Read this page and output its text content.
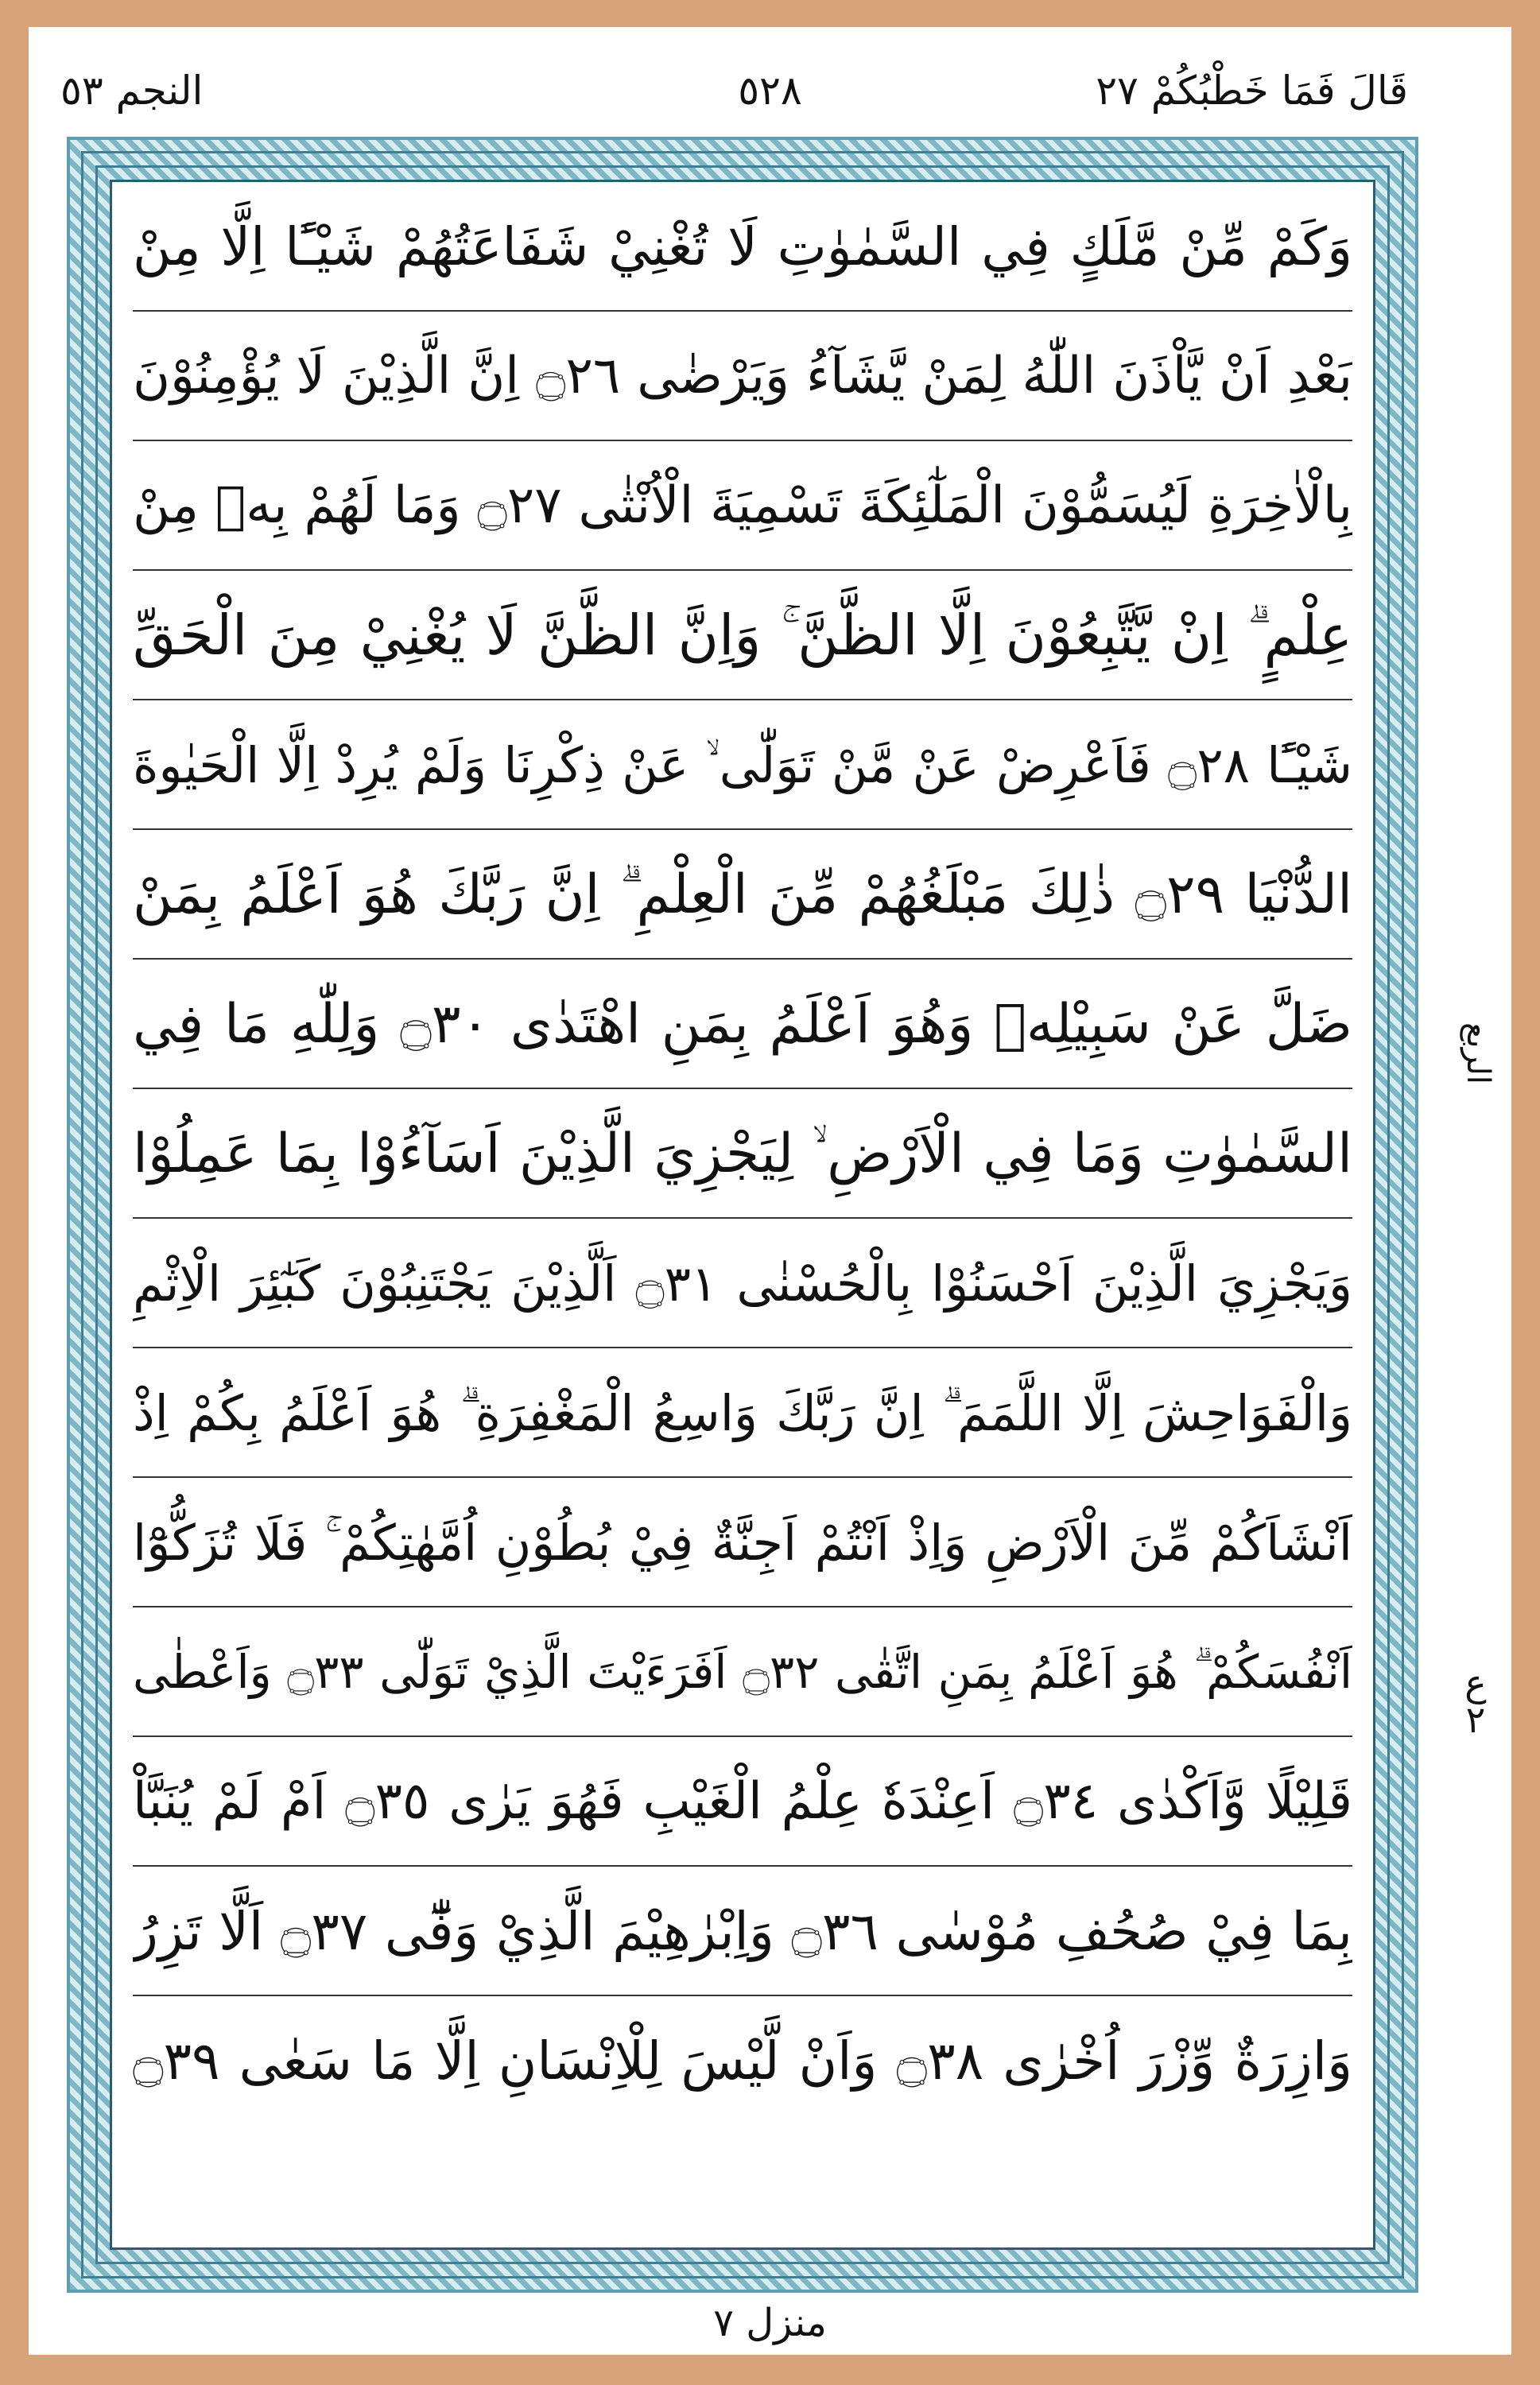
قَالَ فَمَا خَطْبُكُمْ ٢٧
٥٢٨
النجم ٥٣
وَكَمْ مِّنْ مَّلَكٍ فِي السَّمٰوٰتِ لَا تُغْنِيْ شَفَاعَتُهُمْ شَيْـًٔا اِلَّا مِنْ
بَعْدِ اَنْ يَّاْذَنَ اللّٰهُ لِمَنْ يَّشَآءُ وَيَرْضٰى ۝٢٦ اِنَّ الَّذِيْنَ لَا يُؤْمِنُوْنَ
بِالْاٰخِرَةِ لَيُسَمُّوْنَ الْمَلٰٓئِكَةَ تَسْمِيَةَ الْاُنْثٰى ۝٢٧ وَمَا لَهُمْ بِهٖ مِنْ
عِلْمٍ ۗ اِنْ يَّتَّبِعُوْنَ اِلَّا الظَّنَّ ۚ وَاِنَّ الظَّنَّ لَا يُغْنِيْ مِنَ الْحَقِّ
شَيْـًٔا ۝٢٨ فَاَعْرِضْ عَنْ مَّنْ تَوَلّٰى ۙ عَنْ ذِكْرِنَا وَلَمْ يُرِدْ اِلَّا الْحَيٰوةَ
الدُّنْيَا ۝٢٩ ذٰلِكَ مَبْلَغُهُمْ مِّنَ الْعِلْمِ ۗ اِنَّ رَبَّكَ هُوَ اَعْلَمُ بِمَنْ
ضَلَّ عَنْ سَبِيْلِهٖ وَهُوَ اَعْلَمُ بِمَنِ اهْتَدٰى ۝٣٠ وَلِلّٰهِ مَا فِي
السَّمٰوٰتِ وَمَا فِي الْاَرْضِ ۙ لِيَجْزِيَ الَّذِيْنَ اَسَآءُوْا بِمَا عَمِلُوْا
وَيَجْزِيَ الَّذِيْنَ اَحْسَنُوْا بِالْحُسْنٰى ۝٣١ اَلَّذِيْنَ يَجْتَنِبُوْنَ كَبٰٓئِرَ الْاِثْمِ
وَالْفَوَاحِشَ اِلَّا اللَّمَمَ ۗ اِنَّ رَبَّكَ وَاسِعُ الْمَغْفِرَةِ ۗ هُوَ اَعْلَمُ بِكُمْ اِذْ
اَنْشَاَكُمْ مِّنَ الْاَرْضِ وَاِذْ اَنْتُمْ اَجِنَّةٌ فِيْ بُطُوْنِ اُمَّهٰتِكُمْ ۚ فَلَا تُزَكُّوْٓا
اَنْفُسَكُمْ ۗ هُوَ اَعْلَمُ بِمَنِ اتَّقٰى ۝٣٢ اَفَرَءَيْتَ الَّذِيْ تَوَلّٰى ۝٣٣ وَاَعْطٰى
قَلِيْلًا وَّاَكْدٰى ۝٣٤ اَعِنْدَهٗ عِلْمُ الْغَيْبِ فَهُوَ يَرٰى ۝٣٥ اَمْ لَمْ يُنَبَّاْ
بِمَا فِيْ صُحُفِ مُوْسٰى ۝٣٦ وَاِبْرٰهِيْمَ الَّذِيْ وَفّٰٓى ۝٣٧ اَلَّا تَزِرُ
وَازِرَةٌ وِّزْرَ اُخْرٰى ۝٣٨ وَاَنْ لَّيْسَ لِلْاِنْسَانِ اِلَّا مَا سَعٰى ۝٣٩
الربع
ع ٢
منزل ٧
